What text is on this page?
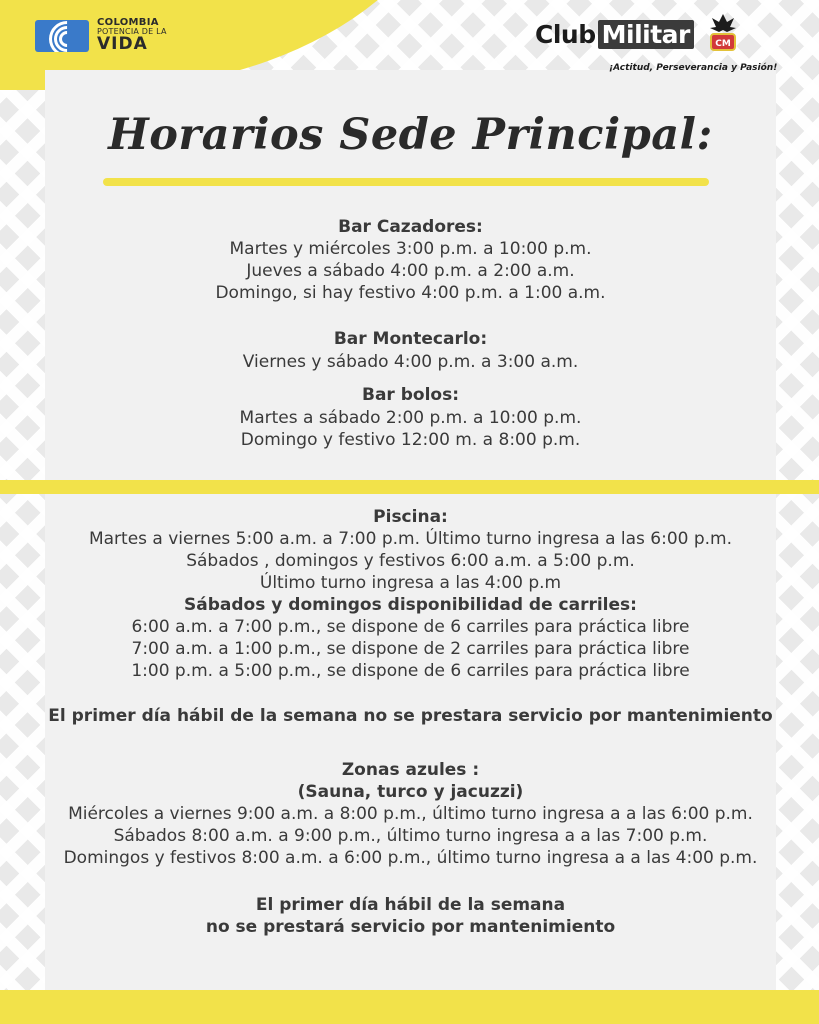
COLOMBIA
POTENCIA DE LA
VIDA	Club Militar	CM
¡Actitud, Perseverancia y Pasión!
Horarios Sede Principal:
Bar Cazadores:
Martes y miércoles 3:00 p.m. a 10:00 p.m.
Jueves a sábado 4:00 p.m. a 2:00 a.m.
Domingo, si hay festivo 4:00 p.m. a 1:00 a.m.
Bar Montecarlo:
Viernes y sábado 4:00 p.m. a 3:00 a.m.
Bar bolos:
Martes a sábado 2:00 p.m. a 10:00 p.m.
Domingo y festivo 12:00 m. a 8:00 p.m.
Piscina:
Martes a viernes 5:00 a.m. a 7:00 p.m. Último turno ingresa a las 6:00 p.m.
Sábados , domingos y festivos 6:00 a.m. a 5:00 p.m.
Último turno ingresa a las 4:00 p.m
Sábados y domingos disponibilidad de carriles:
6:00 a.m. a 7:00 p.m., se dispone de 6 carriles para práctica libre
7:00 a.m. a 1:00 p.m., se dispone de 2 carriles para práctica libre
1:00 p.m. a 5:00 p.m., se dispone de 6 carriles para práctica libre
El primer día hábil de la semana no se prestara servicio por mantenimiento
Zonas azules :
(Sauna, turco y jacuzzi)
Miércoles a viernes 9:00 a.m. a 8:00 p.m., último turno ingresa a a las 6:00 p.m.
Sábados 8:00 a.m. a 9:00 p.m., último turno ingresa a a las 7:00 p.m.
Domingos y festivos 8:00 a.m. a 6:00 p.m., último turno ingresa a a las 4:00 p.m.
El primer día hábil de la semana
no se prestará servicio por mantenimiento
